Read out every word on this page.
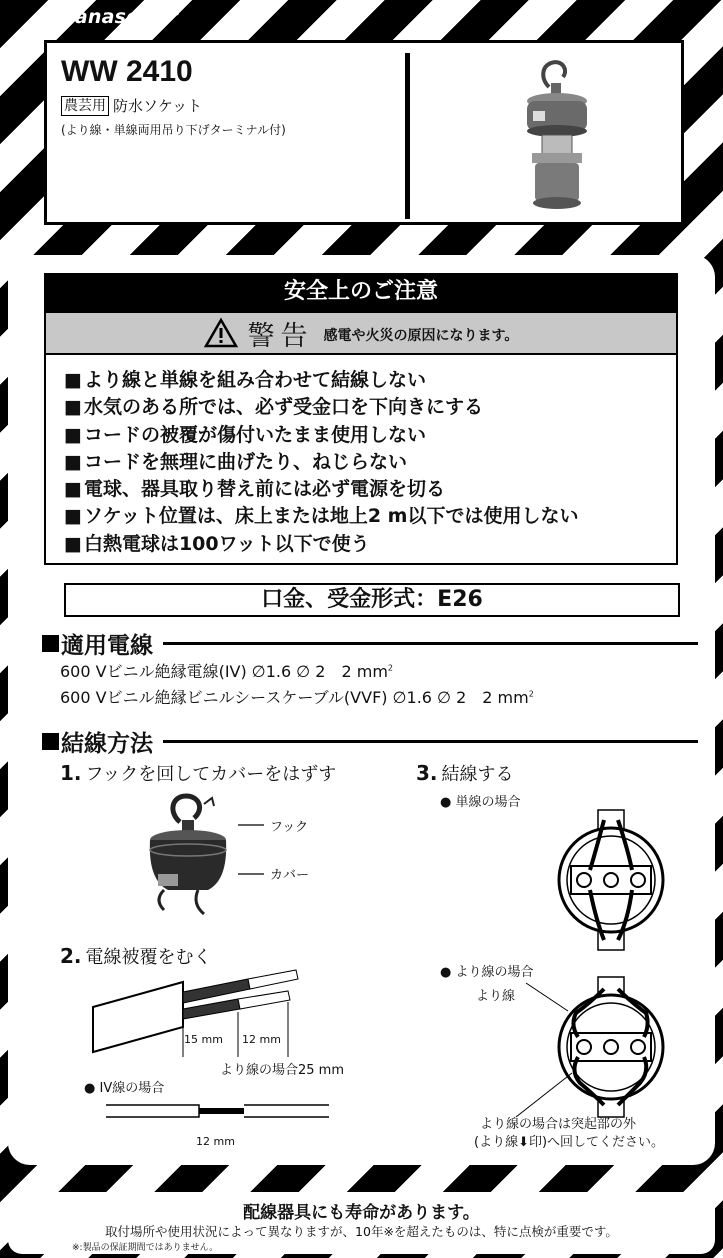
Panasonic®
WW 2410
農芸用 防水ソケット
(より線・単線両用吊り下げターミナル付)
安全上のご注意
警告 感電や火災の原因になります。
■ より線と単線を組み合わせて結線しない
■ 水気のある所では、必ず受金口を下向きにする
■ コードの被覆が傷付いたまま使用しない
■ コードを無理に曲げたり、ねじらない
■ 電球、器具取り替え前には必ず電源を切る
■ ソケット位置は、床上または地上2 m以下では使用しない
■ 白熱電球は100ワット以下で使う
口金、受金形式：E26
適用電線
600 Vビニル絶縁電線(IV) ∅1.6 ∅ 2　2 $mm^2$
600 Vビニル絶縁ビニルシースケーブル(VVF) ∅1.6 ∅ 2　2 $mm^2$
結線方法
1. フックを回してカバーをはずす
フック
カバー
2. 電線被覆をむく
15 mm 12 mm
より線の場合25 mm
● IV線の場合
12 mm
3. 結線する
● 単線の場合
● より線の場合
より線
より線の場合は突起部の外
(より線⬇印)へ回してください。
配線器具にも寿命があります。
取付場所や使用状況によって異なりますが、10年※を超えたものは、特に点検が重要です。
※:製品の保証期間ではありません。
